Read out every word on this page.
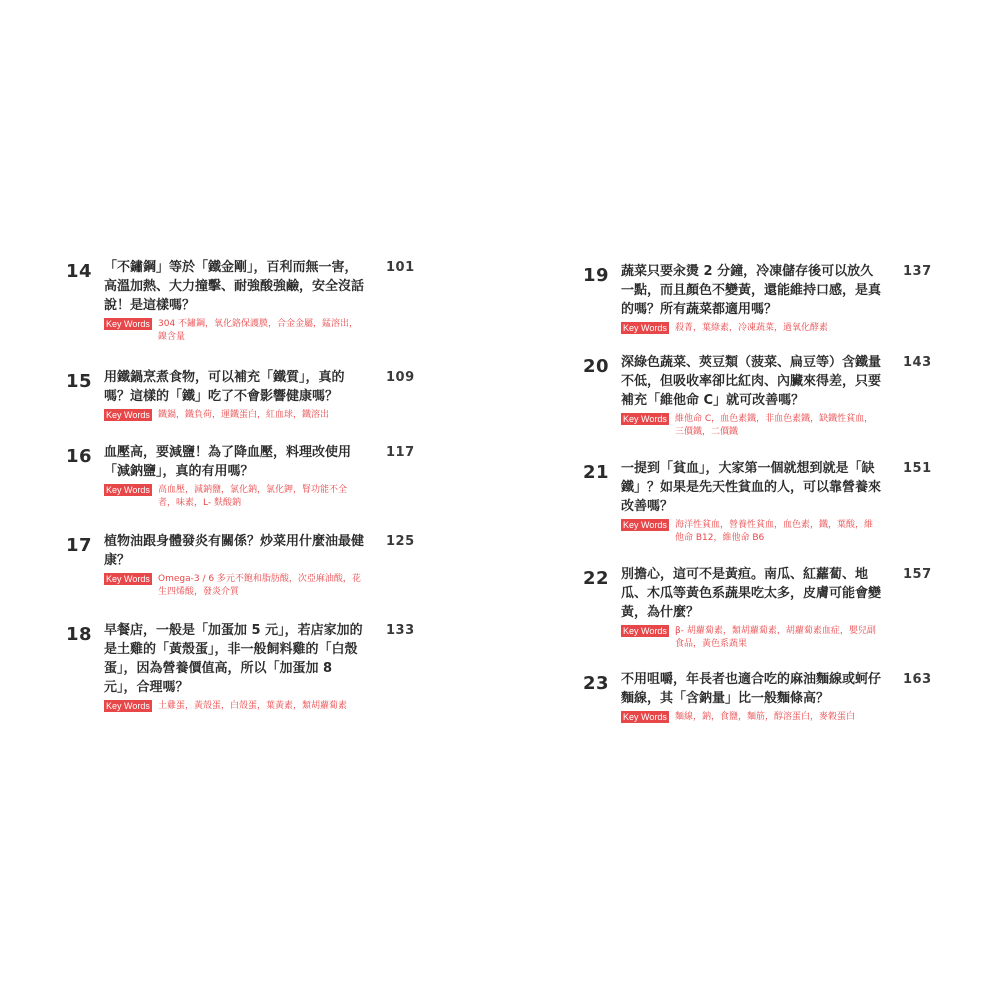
14 「不鏽鋼」等於「鐵金剛」，百利而無一害，高溫加熱、大力撞擊、耐強酸強鹼，安全沒話說！是這樣嗎？

101
Key Words 304 不鏽鋼，氧化鉻保護膜，合金金屬，錳溶出，鎳含量

15 用鐵鍋烹煮食物，可以補充「鐵質」，真的嗎？這樣的「鐵」吃了不會影響健康嗎？

109
Key Words 鐵鍋，鐵負荷，運鐵蛋白，紅血球，鐵溶出

16 血壓高，要減鹽！為了降血壓，料理改使用「減鈉鹽」，真的有用嗎？

117
Key Words 高血壓，減鈉鹽，氯化鈉，氯化鉀，腎功能不全者，味素，L- 麩酸鈉

17 植物油跟身體發炎有關係？炒菜用什麼油最健康？

125
Key Words Omega-3 / 6 多元不飽和脂肪酸，次亞麻油酸，花生四烯酸，發炎介質

18 早餐店，一般是「加蛋加 5 元」，若店家加的是土雞的「黃殼蛋」，非一般飼料雞的「白殼蛋」，因為營養價值高，所以「加蛋加 8 元」，合理嗎？

133
Key Words 土雞蛋，黃殼蛋，白殼蛋，葉黃素，類胡蘿蔔素

19 蔬菜只要汆燙 2 分鐘，冷凍儲存後可以放久一點，而且顏色不變黃，還能維持口感，是真的嗎？所有蔬菜都適用嗎？

137
Key Words 殺菁，葉綠素，冷凍蔬菜，過氧化酵素

20 深綠色蔬菜、莢豆類（菠菜、扁豆等）含鐵量不低，但吸收率卻比紅肉、內臟來得差，只要補充「維他命 C」就可改善嗎？

143
Key Words 維他命 C，血色素鐵，非血色素鐵，缺鐵性貧血，三價鐵，二價鐵

21 一提到「貧血」，大家第一個就想到就是「缺鐵」？如果是先天性貧血的人，可以靠營養來改善嗎？

151
Key Words 海洋性貧血，營養性貧血，血色素，鐵，葉酸，維他命 B12，維他命 B6

22 別擔心，這可不是黃疸。南瓜、紅蘿蔔、地瓜、木瓜等黃色系蔬果吃太多，皮膚可能會變黃，為什麼？

157
Key Words β- 胡蘿蔔素，類胡蘿蔔素，胡蘿蔔素血症，嬰兒副食品，黃色系蔬果

23 不用咀嚼，年長者也適合吃的麻油麵線或蚵仔麵線，其「含鈉量」比一般麵條高？

163
Key Words 麵線，鈉，食鹽，麵筋，醇溶蛋白，麥穀蛋白
